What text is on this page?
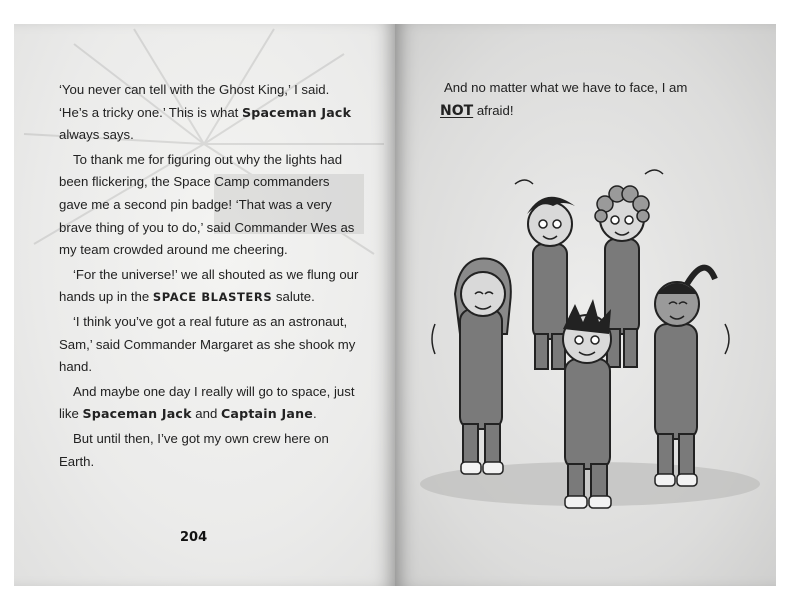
‘You never can tell with the Ghost King,’ I said. ‘He’s a tricky one.’ This is what Spaceman Jack always says.

To thank me for figuring out why the lights had been flickering, the Space Camp commanders gave me a second pin badge! ‘That was a very brave thing of you to do,’ said Commander Wes as my team crowded around me cheering.

‘For the universe!’ we all shouted as we flung our hands up in the SPACE BLASTERS salute.

‘I think you’ve got a real future as an astronaut, Sam,’ said Commander Margaret as she shook my hand.

And maybe one day I really will go to space, just like Spaceman Jack and Captain Jane.

But until then, I’ve got my own crew here on Earth.

204
And no matter what we have to face, I am
NOT afraid!
